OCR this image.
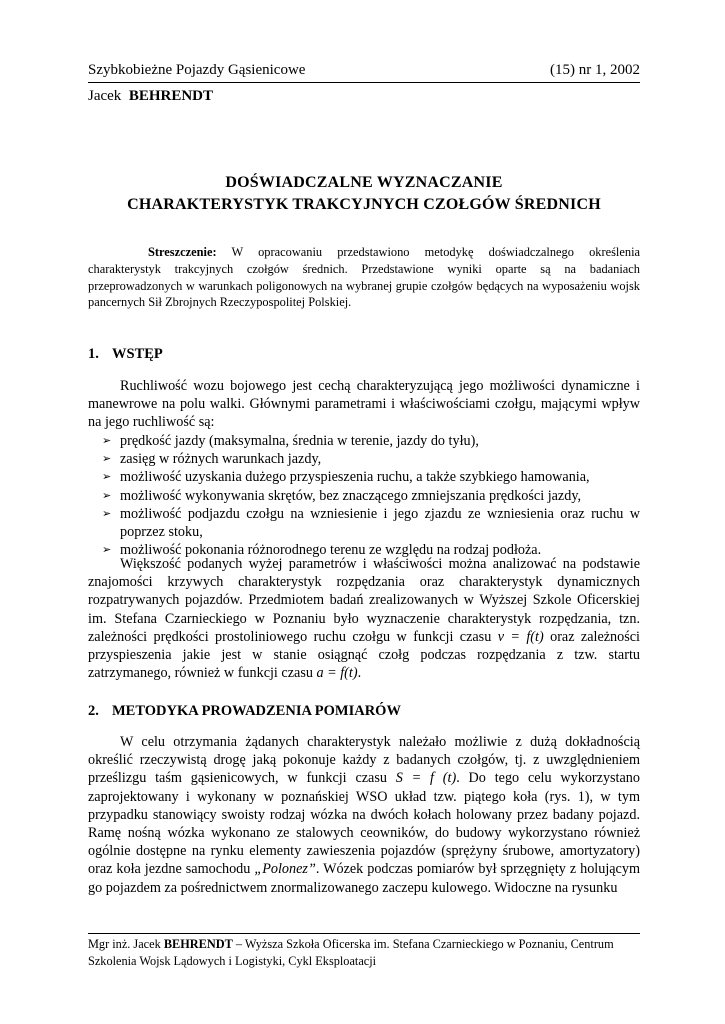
Szybkobieżne Pojazdy Gąsienicowe	(15) nr 1, 2002
Jacek BEHRENDT
DOŚWIADCZALNE WYZNACZANIE
CHARAKTERYSTYK TRAKCYJNYCH CZOŁGÓW ŚREDNICH
Streszczenie: W opracowaniu przedstawiono metodykę doświadczalnego określenia charakterystyk trakcyjnych czołgów średnich. Przedstawione wyniki oparte są na badaniach przeprowadzonych w warunkach poligonowych na wybranej grupie czołgów będących na wyposażeniu wojsk pancernych Sił Zbrojnych Rzeczypospolitej Polskiej.
1. WSTĘP
Ruchliwość wozu bojowego jest cechą charakteryzującą jego możliwości dynamiczne i manewrowe na polu walki. Głównymi parametrami i właściwościami czołgu, mającymi wpływ na jego ruchliwość są:
➢ prędkość jazdy (maksymalna, średnia w terenie, jazdy do tyłu),
➢ zasięg w różnych warunkach jazdy,
➢ możliwość uzyskania dużego przyspieszenia ruchu, a także szybkiego hamowania,
➢ możliwość wykonywania skrętów, bez znaczącego zmniejszania prędkości jazdy,
➢ możliwość podjazdu czołgu na wzniesienie i jego zjazdu ze wzniesienia oraz ruchu w poprzez stoku,
➢ możliwość pokonania różnorodnego terenu ze względu na rodzaj podłoża.
Większość podanych wyżej parametrów i właściwości można analizować na podstawie znajomości krzywych charakterystyk rozpędzania oraz charakterystyk dynamicznych rozpatrywanych pojazdów. Przedmiotem badań zrealizowanych w Wyższej Szkole Oficerskiej im. Stefana Czarnieckiego w Poznaniu było wyznaczenie charakterystyk rozpędzania, tzn. zależności prędkości prostoliniowego ruchu czołgu w funkcji czasu v = f(t) oraz zależności przyspieszenia jakie jest w stanie osiągnąć czołg podczas rozpędzania z tzw. startu zatrzymanego, również w funkcji czasu a = f(t).
2. METODYKA PROWADZENIA POMIARÓW
W celu otrzymania żądanych charakterystyk należało możliwie z dużą dokładnością określić rzeczywistą drogę jaką pokonuje każdy z badanych czołgów, tj. z uwzględnieniem prześlizgu taśm gąsienicowych, w funkcji czasu S = f (t). Do tego celu wykorzystano zaprojektowany i wykonany w poznańskiej WSO układ tzw. piątego koła (rys. 1), w tym przypadku stanowiący swoisty rodzaj wózka na dwóch kołach holowany przez badany pojazd. Ramę nośną wózka wykonano ze stalowych ceowników, do budowy wykorzystano również ogólnie dostępne na rynku elementy zawieszenia pojazdów (sprężyny śrubowe, amortyzatory) oraz koła jezdne samochodu „Polonez”. Wózek podczas pomiarów był sprzęgnięty z holującym go pojazdem za pośrednictwem znormalizowanego zaczepu kulowego. Widoczne na rysunku
Mgr inż. Jacek BEHRENDT – Wyższa Szkoła Oficerska im. Stefana Czarnieckiego w Poznaniu, Centrum Szkolenia Wojsk Lądowych i Logistyki, Cykl Eksploatacji
